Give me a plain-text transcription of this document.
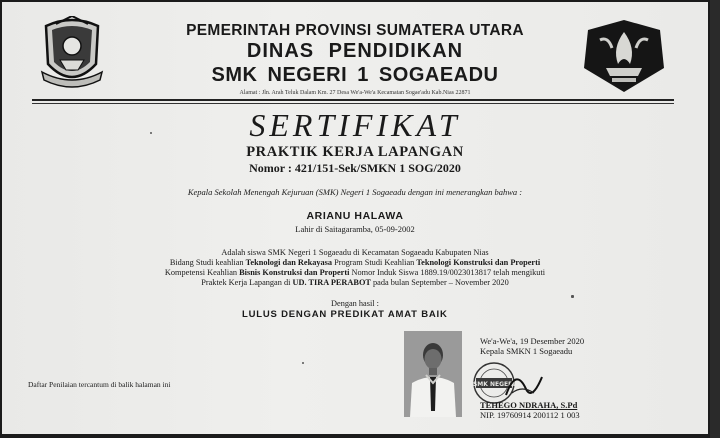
PEMERINTAH PROVINSI SUMATERA UTARA
DINAS PENDIDIKAN
SMK NEGERI 1 SOGAEADU
Alamat : Jln. Arah Teluk Dalam Km. 27 Desa We'a-We'a Kecamatan Sogae'adu Kab.Nias 22871
SERTIFIKAT
PRAKTIK KERJA LAPANGAN
Nomor : 421/151-Sek/SMKN 1 SOG/2020
Kepala Sekolah Menengah Kejuruan (SMK) Negeri 1 Sogaeadu dengan ini menerangkan bahwa :
ARIANU HALAWA
Lahir di Saitagaramba, 05-09-2002
Adalah siswa SMK Negeri 1 Sogaeadu di Kecamatan Sogaeadu Kabupaten Nias
Bidang Studi keahlian Teknologi dan Rekayasa Program Studi Keahlian Teknologi Konstruksi dan Properti
Kompetensi Keahlian Bisnis Konstruksi dan Properti Nomor Induk Siswa 1889.19/0023013817 telah mengikuti
Praktek Kerja Lapangan di UD. TIRA PERABOT pada bulan September – November 2020
Dengan hasil :
LULUS DENGAN PREDIKAT AMAT BAIK
Daftar Penilaian tercantum di balik halaman ini
We'a-We'a, 19 Desember 2020
Kepala SMKN 1 Sogaeadu
SMK NEGERI
TEHEGO NDRAHA, S.Pd
NIP. 19760914 200112 1 003
